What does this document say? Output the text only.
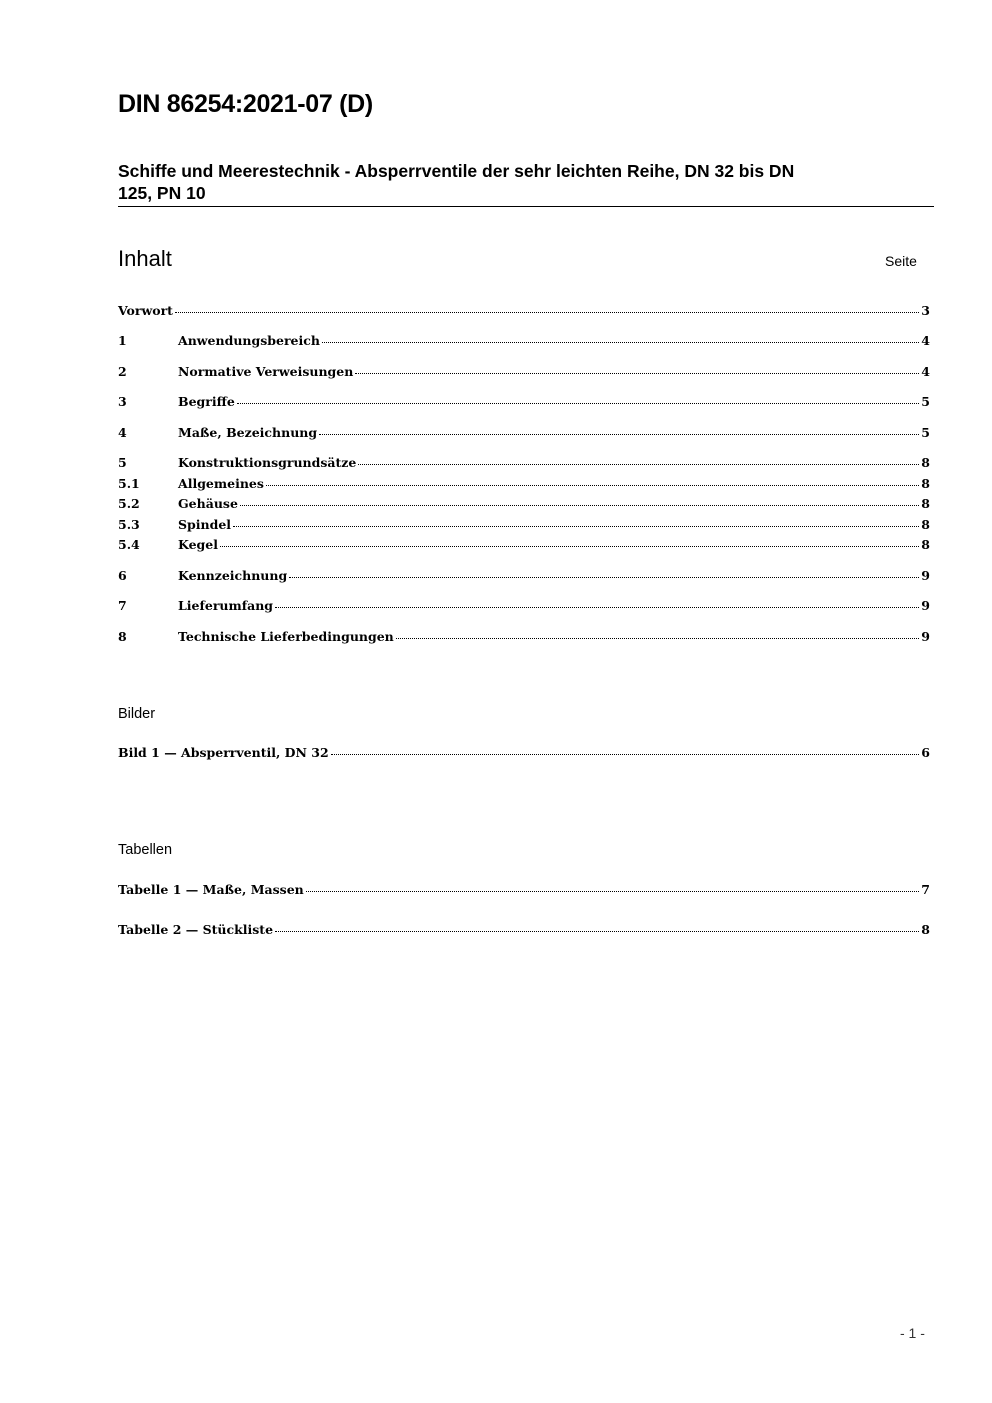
DIN 86254:2021-07 (D)
Schiffe und Meerestechnik - Absperrventile der sehr leichten Reihe, DN 32 bis DN
125, PN 10
Inhalt	Seite
Vorwort	3
1	Anwendungsbereich	4
2	Normative Verweisungen	4
3	Begriffe	5
4	Maße, Bezeichnung	5
5	Konstruktionsgrundsätze	8
5.1	Allgemeines	8
5.2	Gehäuse	8
5.3	Spindel	8
5.4	Kegel	8
6	Kennzeichnung	9
7	Lieferumfang	9
8	Technische Lieferbedingungen	9
Bilder
Bild 1 — Absperrventil, DN 32	6
Tabellen
Tabelle 1 — Maße, Massen	7
Tabelle 2 — Stückliste	8
- 1 -
